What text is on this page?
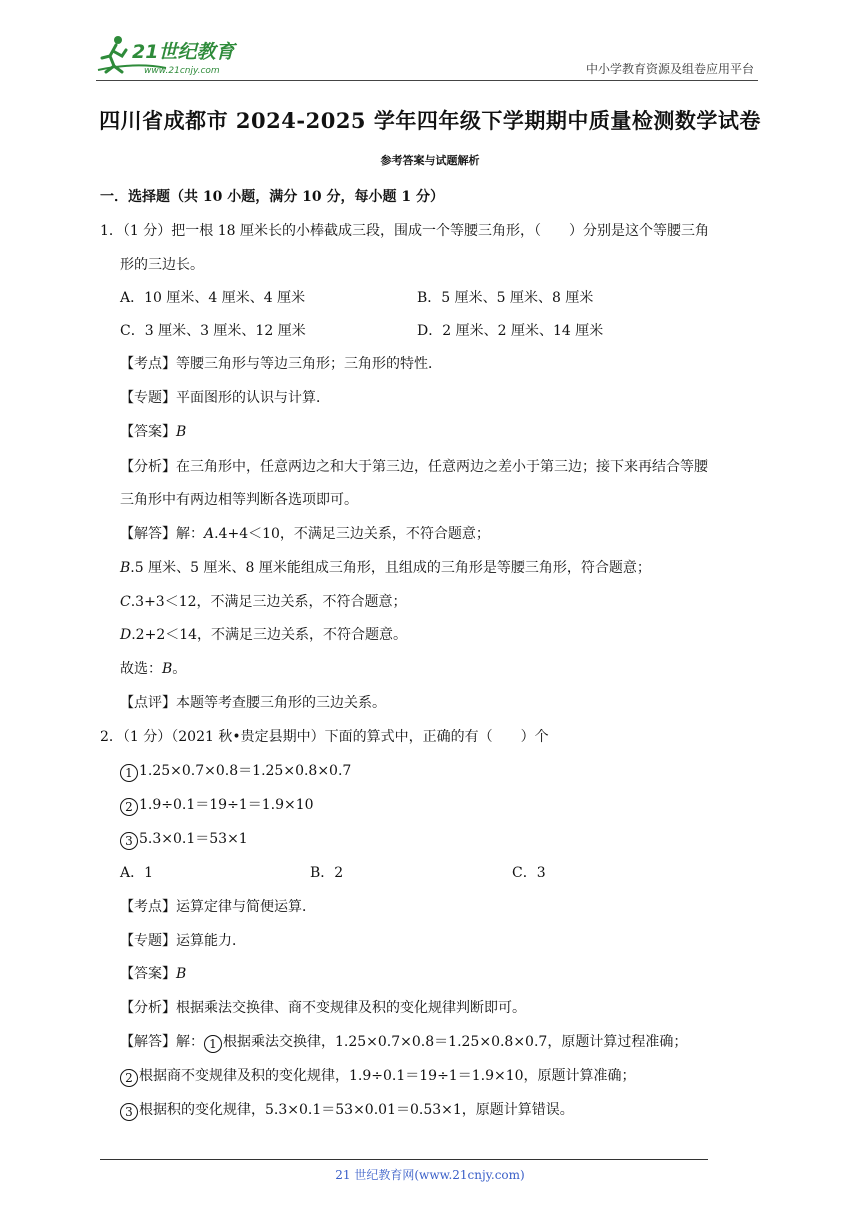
21世纪教育
www.21cnjy.com	中小学教育资源及组卷应用平台
四川省成都市 2024-2025 学年四年级下学期期中质量检测数学试卷
参考答案与试题解析
一．选择题（共 10 小题，满分 10 分，每小题 1 分）
1．（1 分）把一根 18 厘米长的小棒截成三段，围成一个等腰三角形，（　　）分别是这个等腰三角
形的三边长。
A．10 厘米、4 厘米、4 厘米	B．5 厘米、5 厘米、8 厘米
C．3 厘米、3 厘米、12 厘米	D．2 厘米、2 厘米、14 厘米
【考点】等腰三角形与等边三角形；三角形的特性．
【专题】平面图形的认识与计算．
【答案】B
【分析】在三角形中，任意两边之和大于第三边，任意两边之差小于第三边；接下来再结合等腰
三角形中有两边相等判断各选项即可。
【解答】解：A.4+4＜10，不满足三边关系，不符合题意；
B.5 厘米、5 厘米、8 厘米能组成三角形，且组成的三角形是等腰三角形，符合题意；
C.3+3＜12，不满足三边关系，不符合题意；
D.2+2＜14，不满足三边关系，不符合题意。
故选：B。
【点评】本题等考查腰三角形的三边关系。
2．（1 分）（2021 秋•贵定县期中）下面的算式中，正确的有（　　）个
1 1.25×0.7×0.8＝1.25×0.8×0.7
2 1.9÷0.1＝19÷1＝1.9×10
3 5.3×0.1＝53×1
A．1	B．2	C．3
【考点】运算定律与简便运算．
【专题】运算能力．
【答案】B
【分析】根据乘法交换律、商不变规律及积的变化规律判断即可。
【解答】解： 1 根据乘法交换律，1.25×0.7×0.8＝1.25×0.8×0.7，原题计算过程准确；
2 根据商不变规律及积的变化规律，1.9÷0.1＝19÷1＝1.9×10，原题计算准确；
3 根据积的变化规律，5.3×0.1＝53×0.01＝0.53×1，原题计算错误。
21 世纪教育网(www.21cnjy.com)
